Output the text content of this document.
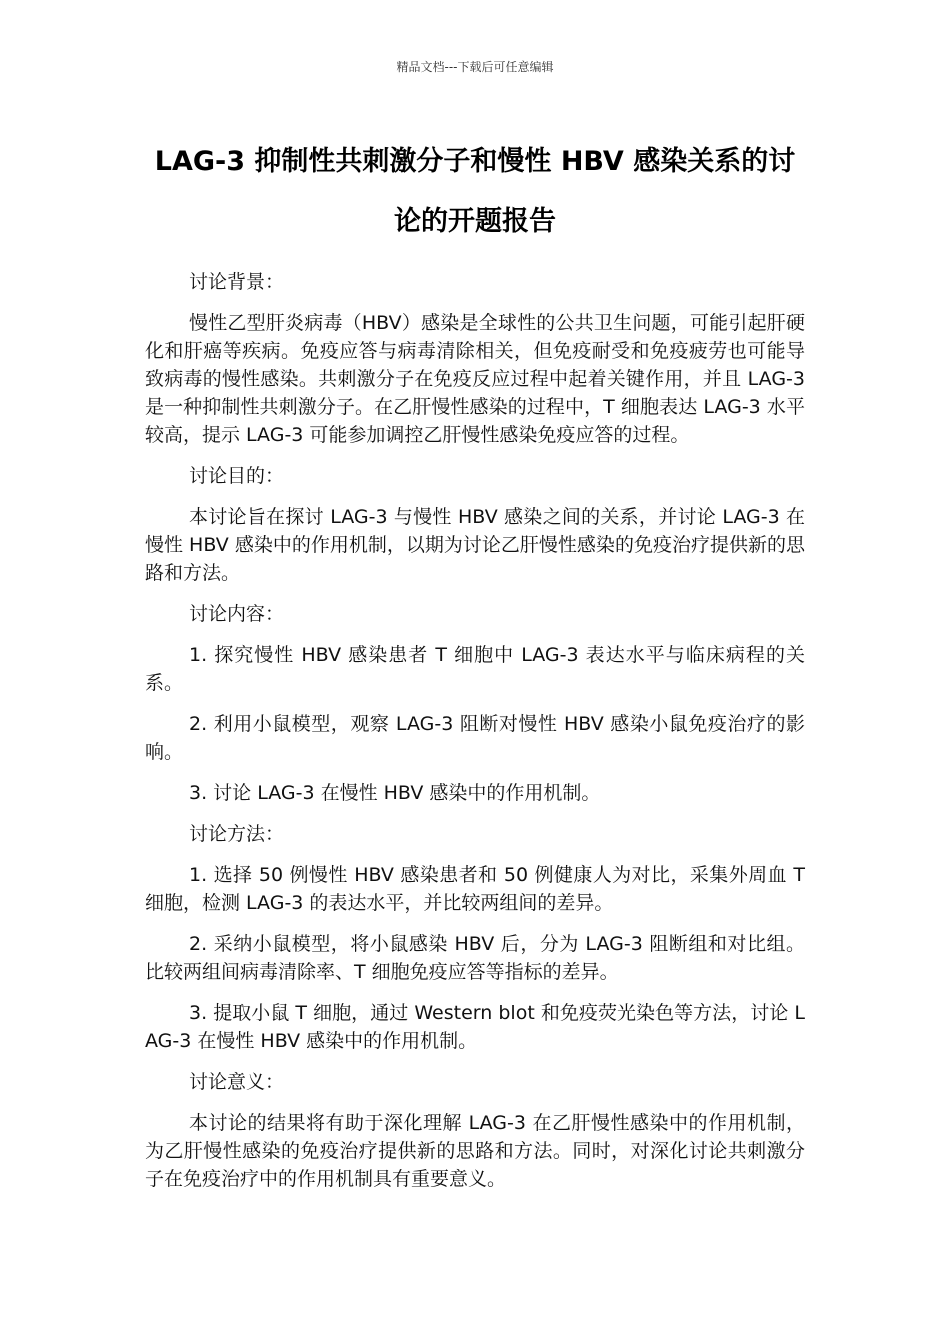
精品文档---下载后可任意编辑
LAG-3 抑制性共刺激分子和慢性 HBV 感染关系的讨论的开题报告

讨论背景：

慢性乙型肝炎病毒（HBV）感染是全球性的公共卫生问题，可能引起肝硬化和肝癌等疾病。免疫应答与病毒清除相关，但免疫耐受和免疫疲劳也可能导致病毒的慢性感染。共刺激分子在免疫反应过程中起着关键作用，并且 LAG-3 是一种抑制性共刺激分子。在乙肝慢性感染的过程中，T 细胞表达 LAG-3 水平较高，提示 LAG-3 可能参加调控乙肝慢性感染免疫应答的过程。

讨论目的：

本讨论旨在探讨 LAG-3 与慢性 HBV 感染之间的关系，并讨论 LAG-3 在慢性 HBV 感染中的作用机制，以期为讨论乙肝慢性感染的免疫治疗提供新的思路和方法。

讨论内容：

1. 探究慢性 HBV 感染患者 T 细胞中 LAG-3 表达水平与临床病程的关系。

2. 利用小鼠模型，观察 LAG-3 阻断对慢性 HBV 感染小鼠免疫治疗的影响。

3. 讨论 LAG-3 在慢性 HBV 感染中的作用机制。

讨论方法：

1. 选择 50 例慢性 HBV 感染患者和 50 例健康人为对比，采集外周血 T 细胞，检测 LAG-3 的表达水平，并比较两组间的差异。

2. 采纳小鼠模型，将小鼠感染 HBV 后，分为 LAG-3 阻断组和对比组。比较两组间病毒清除率、T 细胞免疫应答等指标的差异。

3. 提取小鼠 T 细胞，通过 Western blot 和免疫荧光染色等方法，讨论 LAG-3 在慢性 HBV 感染中的作用机制。

讨论意义：

本讨论的结果将有助于深化理解 LAG-3 在乙肝慢性感染中的作用机制，为乙肝慢性感染的免疫治疗提供新的思路和方法。同时，对深化讨论共刺激分子在免疫治疗中的作用机制具有重要意义。
